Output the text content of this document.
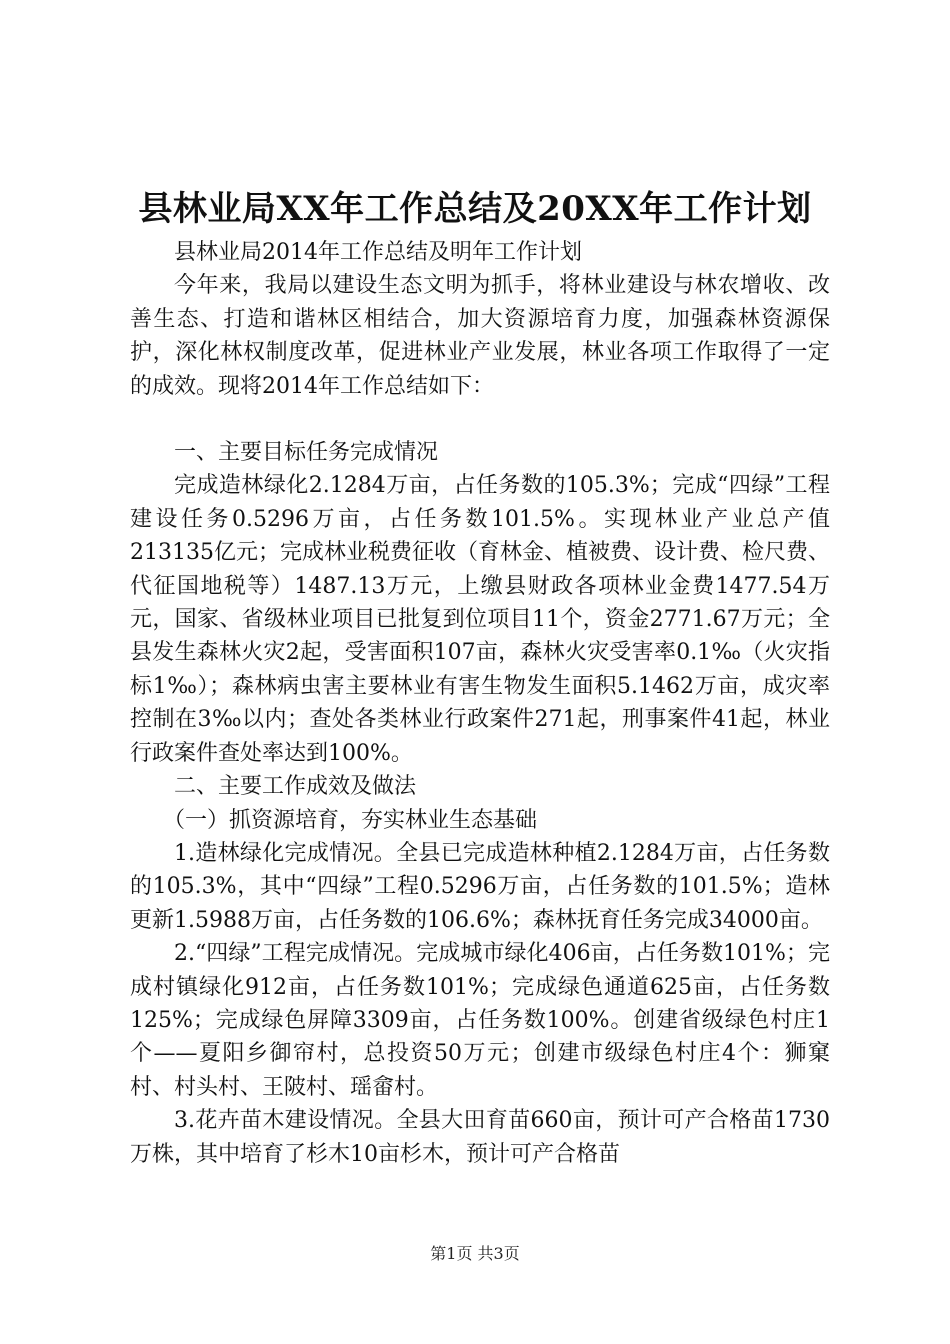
县林业局XX年工作总结及20XX年工作计划

县林业局2014年工作总结及明年工作计划

今年来，我局以建设生态文明为抓手，将林业建设与林农增收、改善生态、打造和谐林区相结合，加大资源培育力度，加强森林资源保护，深化林权制度改革，促进林业产业发展，林业各项工作取得了一定的成效。现将2014年工作总结如下：

一、主要目标任务完成情况

完成造林绿化2.1284万亩，占任务数的105.3%；完成“四绿”工程建设任务0.5296万亩，占任务数101.5%。实现林业产业总产值213135亿元；完成林业税费征收（育林金、植被费、设计费、检尺费、代征国地税等）1487.13万元，上缴县财政各项林业金费1477.54万元，国家、省级林业项目已批复到位项目11个，资金2771.67万元；全县发生森林火灾2起，受害面积107亩，森林火灾受害率0.1‰（火灾指标1‰）；森林病虫害主要林业有害生物发生面积5.1462万亩，成灾率控制在3‰以内；查处各类林业行政案件271起，刑事案件41起，林业行政案件查处率达到100%。

二、主要工作成效及做法

（一）抓资源培育，夯实林业生态基础

1.造林绿化完成情况。全县已完成造林种植2.1284万亩，占任务数的105.3%，其中“四绿”工程0.5296万亩，占任务数的101.5%；造林更新1.5988万亩，占任务数的106.6%；森林抚育任务完成34000亩。

2.“四绿”工程完成情况。完成城市绿化406亩，占任务数101%；完成村镇绿化912亩，占任务数101%；完成绿色通道625亩，占任务数125%；完成绿色屏障3309亩，占任务数100%。创建省级绿色村庄1个——夏阳乡御帘村，总投资50万元；创建市级绿色村庄4个：狮窠村、村头村、王陂村、瑶畲村。

3.花卉苗木建设情况。全县大田育苗660亩，预计可产合格苗1730万株，其中培育了杉木10亩杉木，预计可产合格苗

第1页 共3页
